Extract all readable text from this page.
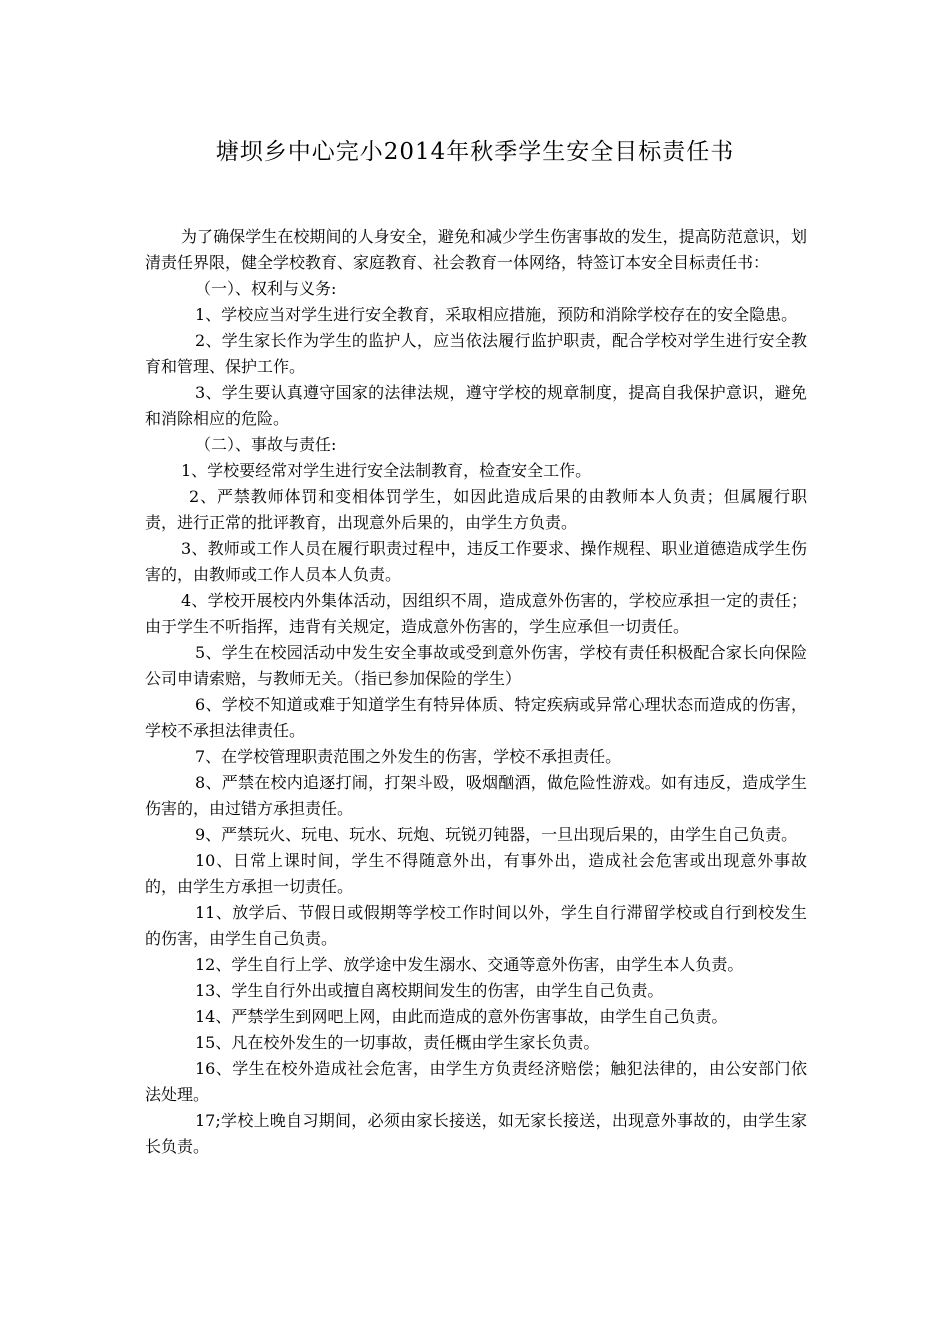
塘坝乡中心完小2014年秋季学生安全目标责任书

为了确保学生在校期间的人身安全，避免和减少学生伤害事故的发生，提高防范意识，划清责任界限，健全学校教育、家庭教育、社会教育一体网络，特签订本安全目标责任书：

（一）、权利与义务:

1、学校应当对学生进行安全教育，采取相应措施，预防和消除学校存在的安全隐患。

2、学生家长作为学生的监护人，应当依法履行监护职责，配合学校对学生进行安全教育和管理、保护工作。

3、学生要认真遵守国家的法律法规，遵守学校的规章制度，提高自我保护意识，避免和消除相应的危险。

（二）、事故与责任:

1、学校要经常对学生进行安全法制教育，检查安全工作。

2、严禁教师体罚和变相体罚学生，如因此造成后果的由教师本人负责；但属履行职责，进行正常的批评教育，出现意外后果的，由学生方负责。

3、教师或工作人员在履行职责过程中，违反工作要求、操作规程、职业道德造成学生伤害的，由教师或工作人员本人负责。

4、学校开展校内外集体活动，因组织不周，造成意外伤害的，学校应承担一定的责任；由于学生不听指挥，违背有关规定，造成意外伤害的，学生应承但一切责任。

5、学生在校园活动中发生安全事故或受到意外伤害，学校有责任积极配合家长向保险公司申请索赔，与教师无关。（指已参加保险的学生）

6、学校不知道或难于知道学生有特异体质、特定疾病或异常心理状态而造成的伤害，学校不承担法律责任。

7、在学校管理职责范围之外发生的伤害，学校不承担责任。

8、严禁在校内追逐打闹，打架斗殴，吸烟酗酒，做危险性游戏。如有违反，造成学生伤害的，由过错方承担责任。

9、严禁玩火、玩电、玩水、玩炮、玩锐刃钝器，一旦出现后果的，由学生自己负责。

10、日常上课时间，学生不得随意外出，有事外出，造成社会危害或出现意外事故的，由学生方承担一切责任。

11、放学后、节假日或假期等学校工作时间以外，学生自行滞留学校或自行到校发生的伤害，由学生自己负责。

12、学生自行上学、放学途中发生溺水、交通等意外伤害，由学生本人负责。

13、学生自行外出或擅自离校期间发生的伤害，由学生自己负责。

14、严禁学生到网吧上网，由此而造成的意外伤害事故，由学生自己负责。

15、凡在校外发生的一切事故，责任概由学生家长负责。

16、学生在校外造成社会危害，由学生方负责经济赔偿；触犯法律的，由公安部门依法处理。

17;学校上晚自习期间，必须由家长接送，如无家长接送，出现意外事故的，由学生家长负责。
